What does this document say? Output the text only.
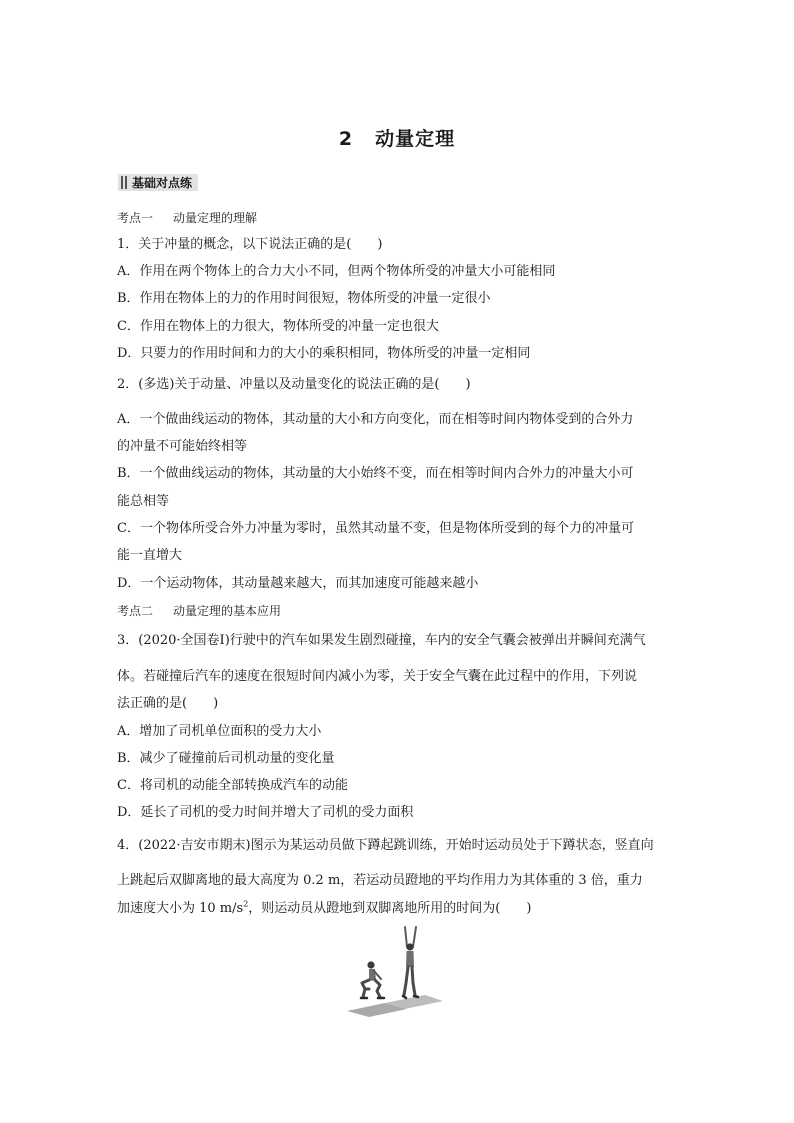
2 动量定理
基础对点练
考点一 动量定理的理解
1．关于冲量的概念，以下说法正确的是(　　)
A．作用在两个物体上的合力大小不同，但两个物体所受的冲量大小可能相同
B．作用在物体上的力的作用时间很短，物体所受的冲量一定很小
C．作用在物体上的力很大，物体所受的冲量一定也很大
D．只要力的作用时间和力的大小的乘积相同，物体所受的冲量一定相同
2．(多选)关于动量、冲量以及动量变化的说法正确的是(　　)
A．一个做曲线运动的物体，其动量的大小和方向变化，而在相等时间内物体受到的合外力
的冲量不可能始终相等
B．一个做曲线运动的物体，其动量的大小始终不变，而在相等时间内合外力的冲量大小可
能总相等
C．一个物体所受合外力冲量为零时，虽然其动量不变，但是物体所受到的每个力的冲量可
能一直增大
D．一个运动物体，其动量越来越大，而其加速度可能越来越小
考点二 动量定理的基本应用
3．(2020·全国卷Ⅰ)行驶中的汽车如果发生剧烈碰撞，车内的安全气囊会被弹出并瞬间充满气
体。若碰撞后汽车的速度在很短时间内减小为零，关于安全气囊在此过程中的作用，下列说
法正确的是(　　)
A．增加了司机单位面积的受力大小
B．减少了碰撞前后司机动量的变化量
C．将司机的动能全部转换成汽车的动能
D．延长了司机的受力时间并增大了司机的受力面积
4．(2022·吉安市期末)图示为某运动员做下蹲起跳训练，开始时运动员处于下蹲状态，竖直向
上跳起后双脚离地的最大高度为 0.2 m，若运动员蹬地的平均作用力为其体重的 3 倍，重力
加速度大小为 10 $m/s^2$，则运动员从蹬地到双脚离地所用的时间为(　　)
